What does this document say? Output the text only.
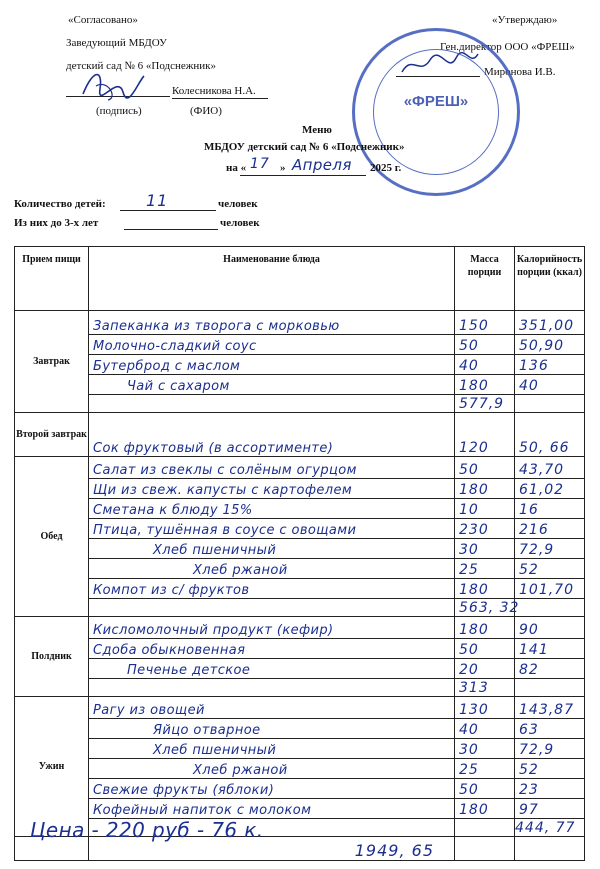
«Согласовано»
Заведующий МБДОУ
детский сад № 6 «Подснежник»
Колесникова Н.А.
(подпись)	(ФИО)
«Утверждаю»
Ген.директор ООО «ФРЕШ»
Миронова И.В.
«ФРЕШ»
Меню
МБДОУ детский сад № 6 «Подснежник»
на « 17 » Апреля 2025 г.
Количество детей:	11	человек
Из них до 3-х лет	человек
Прием пищи	Наименование блюда	Масса порции	Калорийность порции (ккал)
Завтрак	Запеканка из творога с морковью	150	351,00
	Молочно-сладкий соус	50	50,90
	Бутерброд с маслом	40	136
	Чай с сахаром	180	40
		577,9	
Второй завтрак	Сок фруктовый (в ассортименте)	120	50, 66
Обед	Салат из свеклы с солёным огурцом	50	43,70
	Щи из свеж. капусты с картофелем	180	61,02
	Сметана к блюду 15%	10	16
	Птица, тушённая в соусе с овощами	230	216
	Хлеб пшеничный	30	72,9
	Хлеб ржаной	25	52
	Компот из с/ фруктов	180	101,70
		563, 32	
Полдник	Кисломолочный продукт (кефир)	180	90
	Сдоба обыкновенная	50	141
	Печенье детское	20	82
		313	
Ужин	Рагу из овощей	130	143,87
	Яйцо отварное	40	63
	Хлеб пшеничный	30	72,9
	Хлеб ржаной	25	52
	Свежие фрукты (яблоки)	50	23
	Кофейный напиток с молоком	180	97
			444, 77
	1949, 65		
Цена - 220 руб - 76 к.
